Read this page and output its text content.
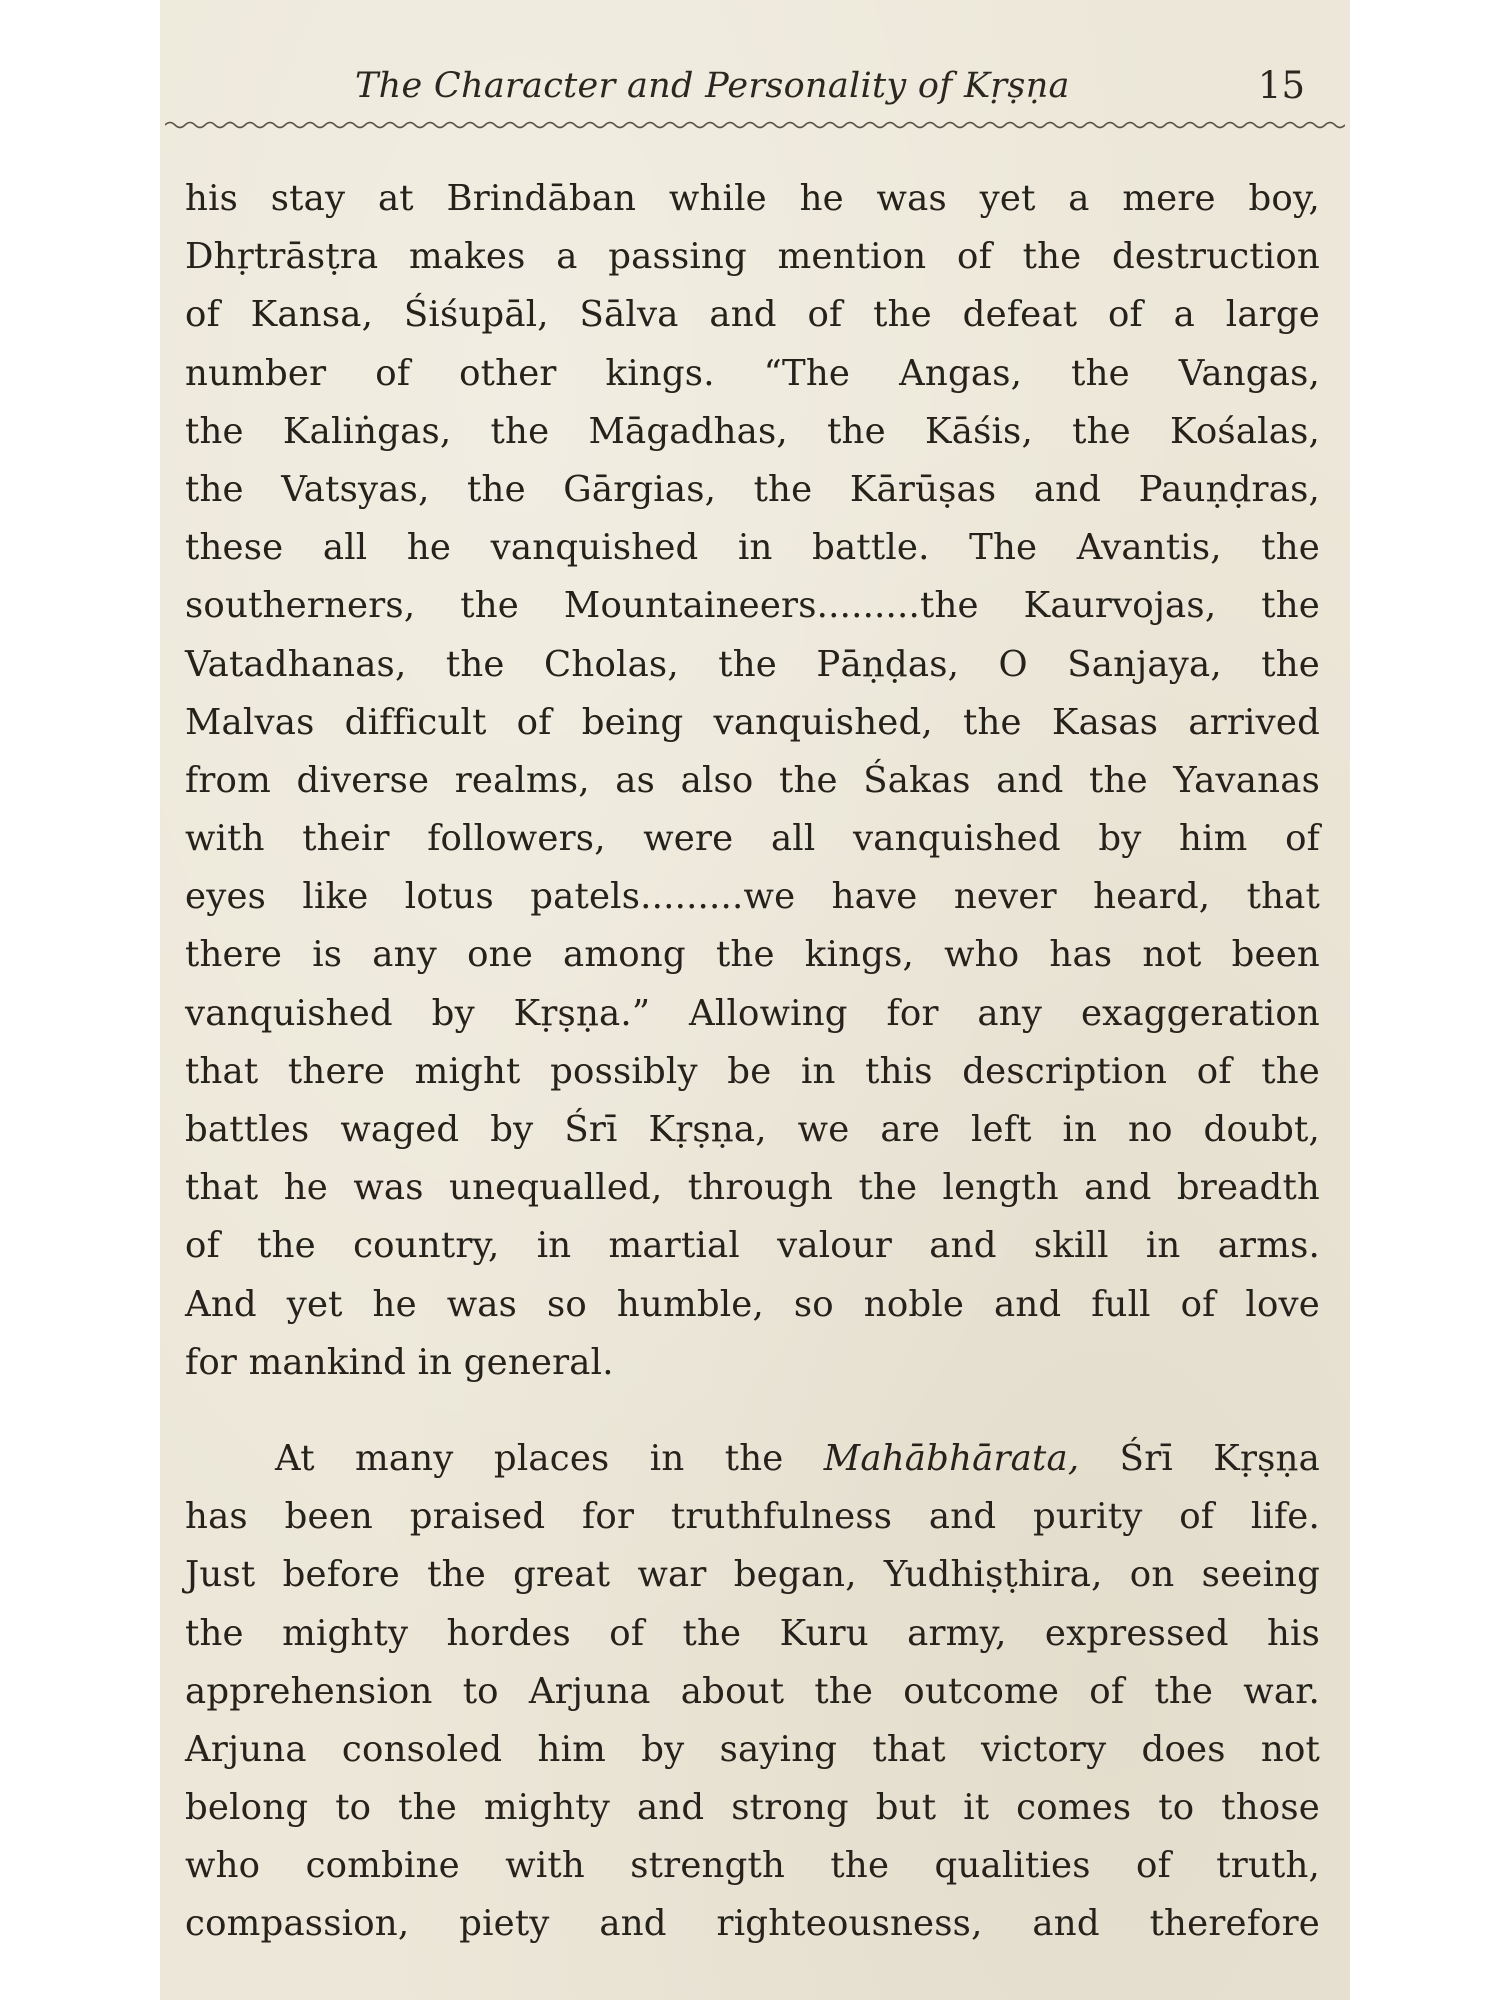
The Character and Personality of Kṛṣṇa	15
his stay at Brindāban while he was yet a mere boy,
Dhṛtrāsṭra makes a passing mention of the destruction
of Kansa, Śiśupāl, Sālva and of the defeat of a large
number of other kings. “The Angas, the Vangas,
the Kaliṅgas, the Māgadhas, the Kāśis, the Kośalas,
the Vatsyas, the Gārgias, the Kārūṣas and Pauṇḍras,
these all he vanquished in battle. The Avantis, the
southerners, the Mountaineers.........the Kaurvojas, the
Vatadhanas, the Cholas, the Pāṇḍas, O Sanjaya, the
Malvas difficult of being vanquished, the Kasas arrived
from diverse realms, as also the Śakas and the Yavanas
with their followers, were all vanquished by him of
eyes like lotus patels.........we have never heard, that
there is any one among the kings, who has not been
vanquished by Kṛṣṇa.” Allowing for any exaggeration
that there might possibly be in this description of the
battles waged by Śrī Kṛṣṇa, we are left in no doubt,
that he was unequalled, through the length and breadth
of the country, in martial valour and skill in arms.
And yet he was so humble, so noble and full of love
for mankind in general.
At many places in the Mahābhārata, Śrī Kṛṣṇa
has been praised for truthfulness and purity of life.
Just before the great war began, Yudhiṣṭhira, on seeing
the mighty hordes of the Kuru army, expressed his
apprehension to Arjuna about the outcome of the war.
Arjuna consoled him by saying that victory does not
belong to the mighty and strong but it comes to those
who combine with strength the qualities of truth,
compassion, piety and righteousness, and therefore
